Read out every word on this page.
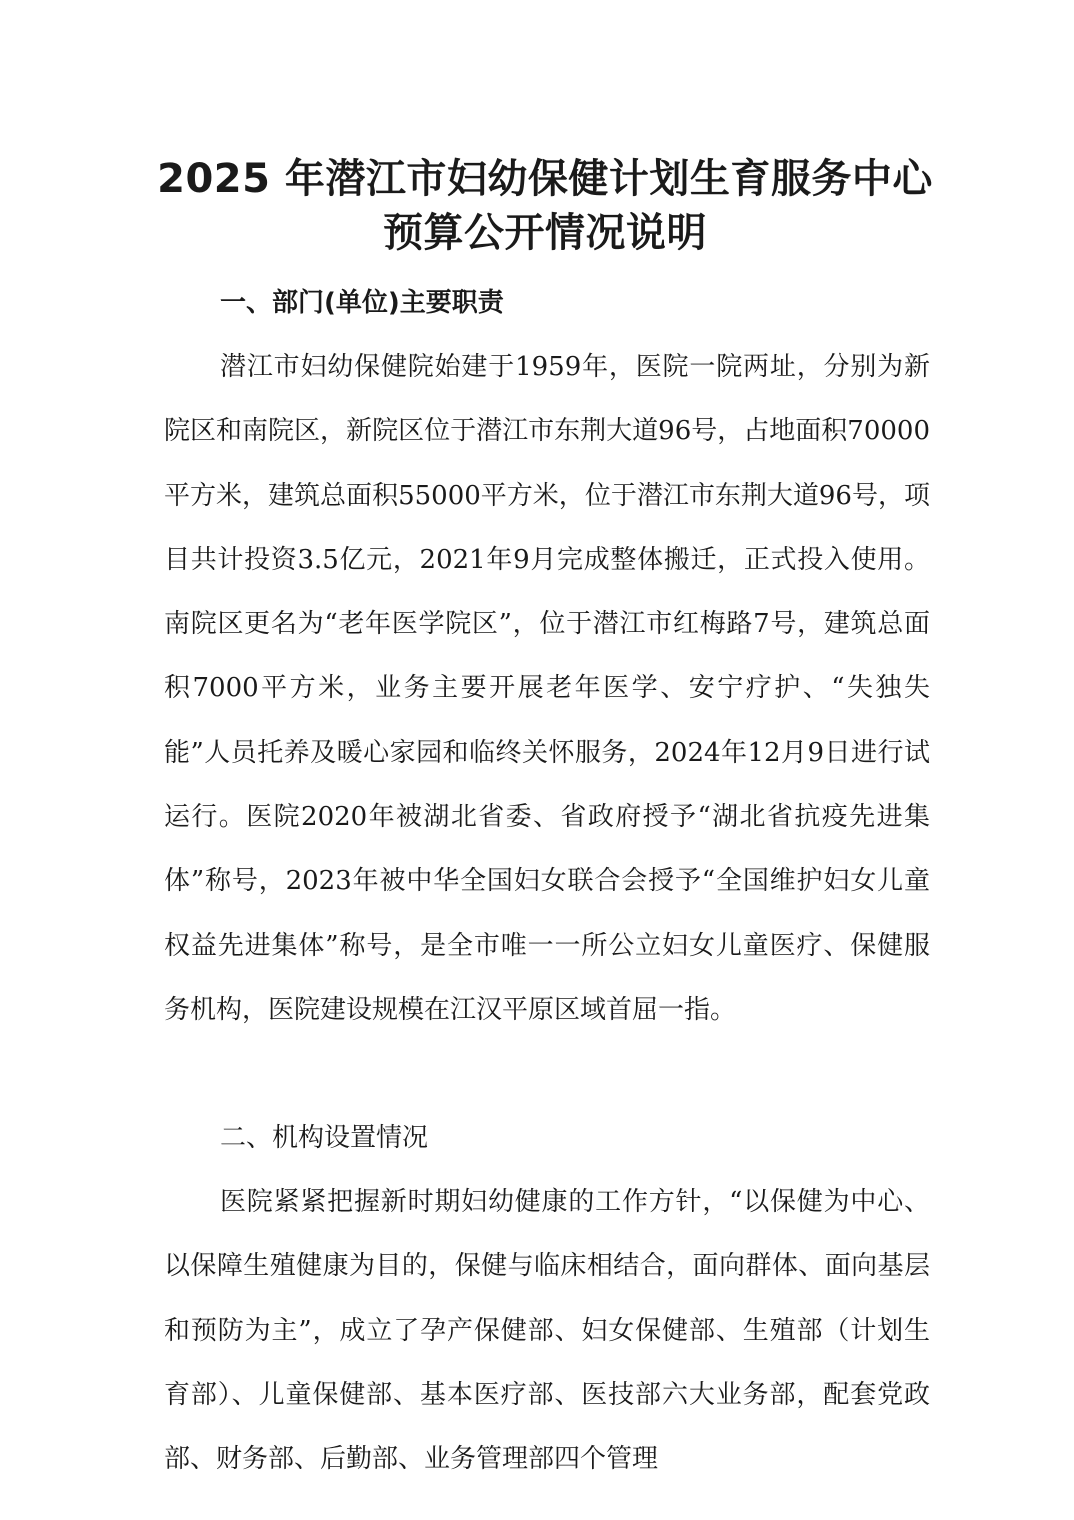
2025 年潜江市妇幼保健计划生育服务中心预算公开情况说明
一、部门(单位)主要职责

潜江市妇幼保健院始建于1959年，医院一院两址，分别为新院区和南院区，新院区位于潜江市东荆大道96号，占地面积70000平方米，建筑总面积55000平方米，位于潜江市东荆大道96号，项目共计投资3.5亿元，2021年9月完成整体搬迁，正式投入使用。南院区更名为“老年医学院区”，位于潜江市红梅路7号，建筑总面积7000平方米，业务主要开展老年医学、安宁疗护、“失独失能”人员托养及暖心家园和临终关怀服务，2024年12月9日进行试运行。医院2020年被湖北省委、省政府授予“湖北省抗疫先进集体”称号，2023年被中华全国妇女联合会授予“全国维护妇女儿童权益先进集体”称号，是全市唯一一所公立妇女儿童医疗、保健服务机构，医院建设规模在江汉平原区域首屈一指。

二、机构设置情况

医院紧紧把握新时期妇幼健康的工作方针，“以保健为中心、以保障生殖健康为目的，保健与临床相结合，面向群体、面向基层和预防为主”，成立了孕产保健部、妇女保健部、生殖部（计划生育部）、儿童保健部、基本医疗部、医技部六大业务部，配套党政部、财务部、后勤部、业务管理部四个管理
